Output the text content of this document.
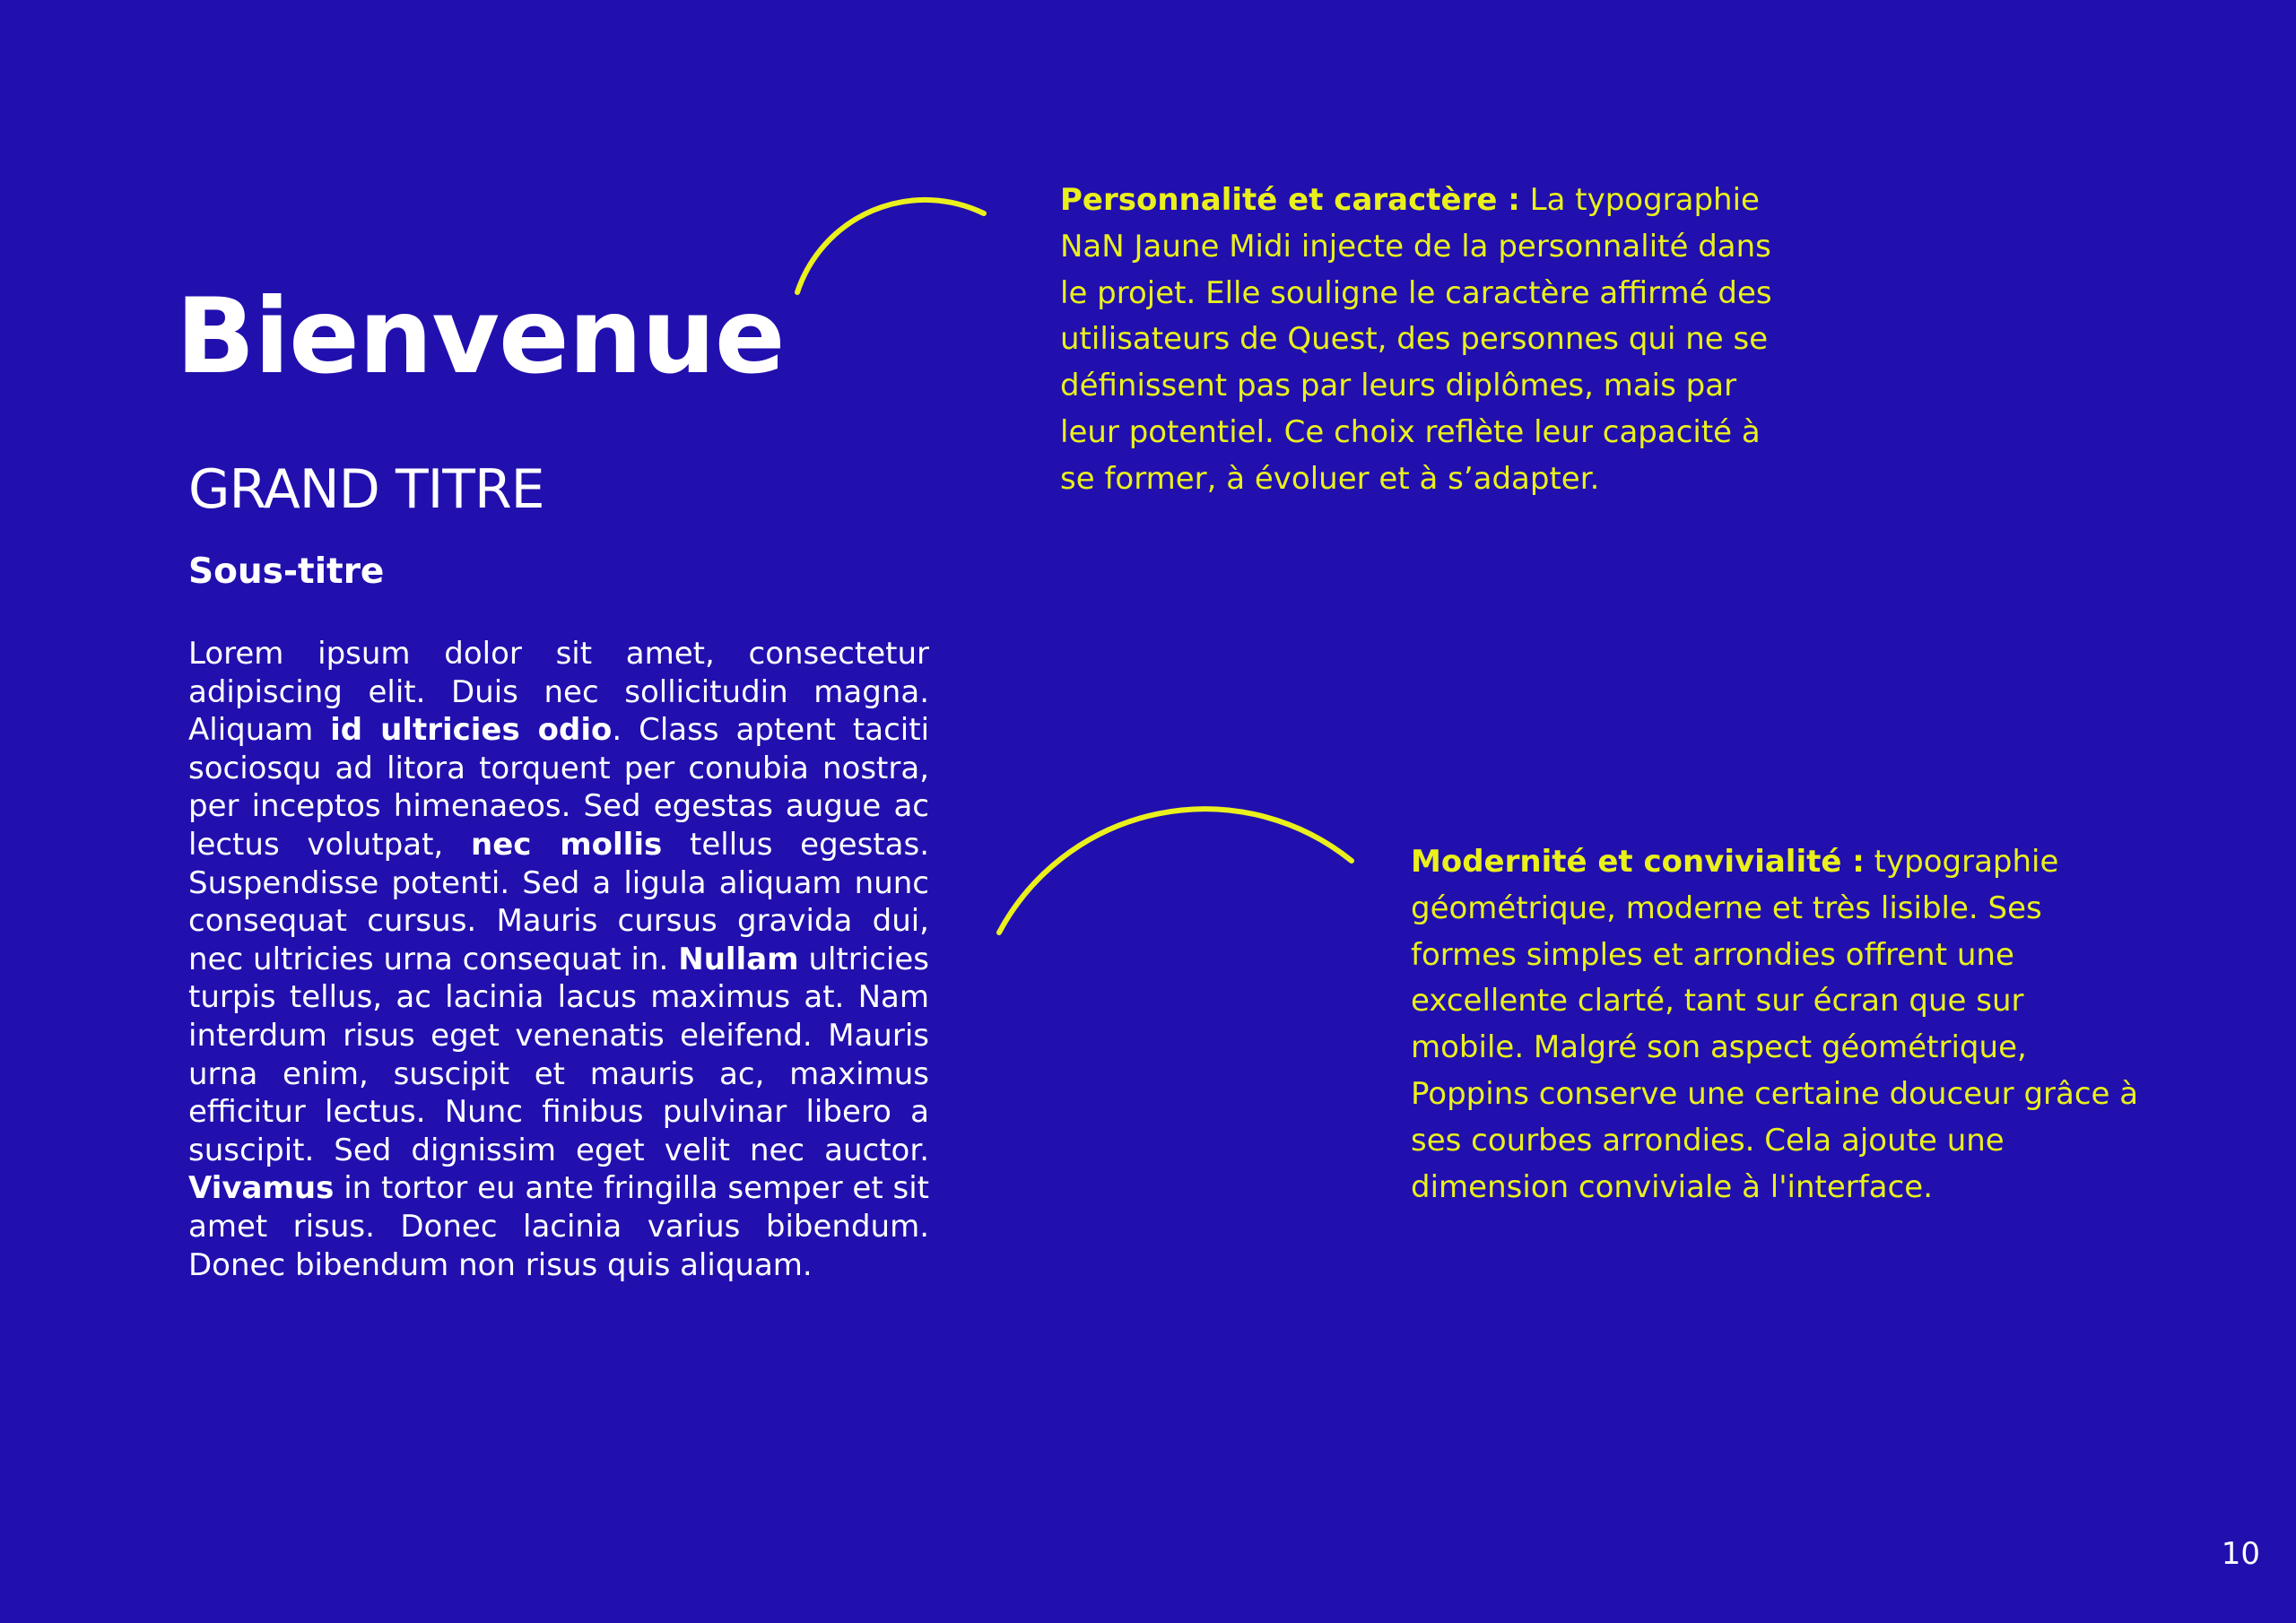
Bienvenue
GRAND TITRE
Sous-titre

Lorem ipsum dolor sit amet, consectetur adipiscing elit. Duis nec sollicitudin magna. Aliquam id ultricies odio. Class aptent taciti sociosqu ad litora torquent per conubia nostra, per inceptos himenaeos. Sed egestas augue ac lectus volutpat, nec mollis tellus egestas. Suspendisse potenti. Sed a ligula aliquam nunc consequat cursus. Mauris cursus gravida dui, nec ultricies urna consequat in. Nullam ultricies turpis tellus, ac lacinia lacus maximus at. Nam interdum risus eget venenatis eleifend. Mauris urna enim, suscipit et mauris ac, maximus efficitur lectus. Nunc finibus pulvinar libero a suscipit. Sed dignissim eget velit nec auctor. Vivamus in tortor eu ante fringilla semper et sit amet risus. Donec lacinia varius bibendum. Donec bibendum non risus quis aliquam.

Personnalité et caractère : La typographie NaN Jaune Midi injecte de la personnalité dans le projet. Elle souligne le caractère affirmé des utilisateurs de Quest, des personnes qui ne se définissent pas par leurs diplômes, mais par leur potentiel. Ce choix reflète leur capacité à se former, à évoluer et à s’adapter.

Modernité et convivialité : typographie géométrique, moderne et très lisible. Ses formes simples et arrondies offrent une excellente clarté, tant sur écran que sur mobile. Malgré son aspect géométrique, Poppins conserve une certaine douceur grâce à ses courbes arrondies. Cela ajoute une dimension conviviale à l'interface.

10
